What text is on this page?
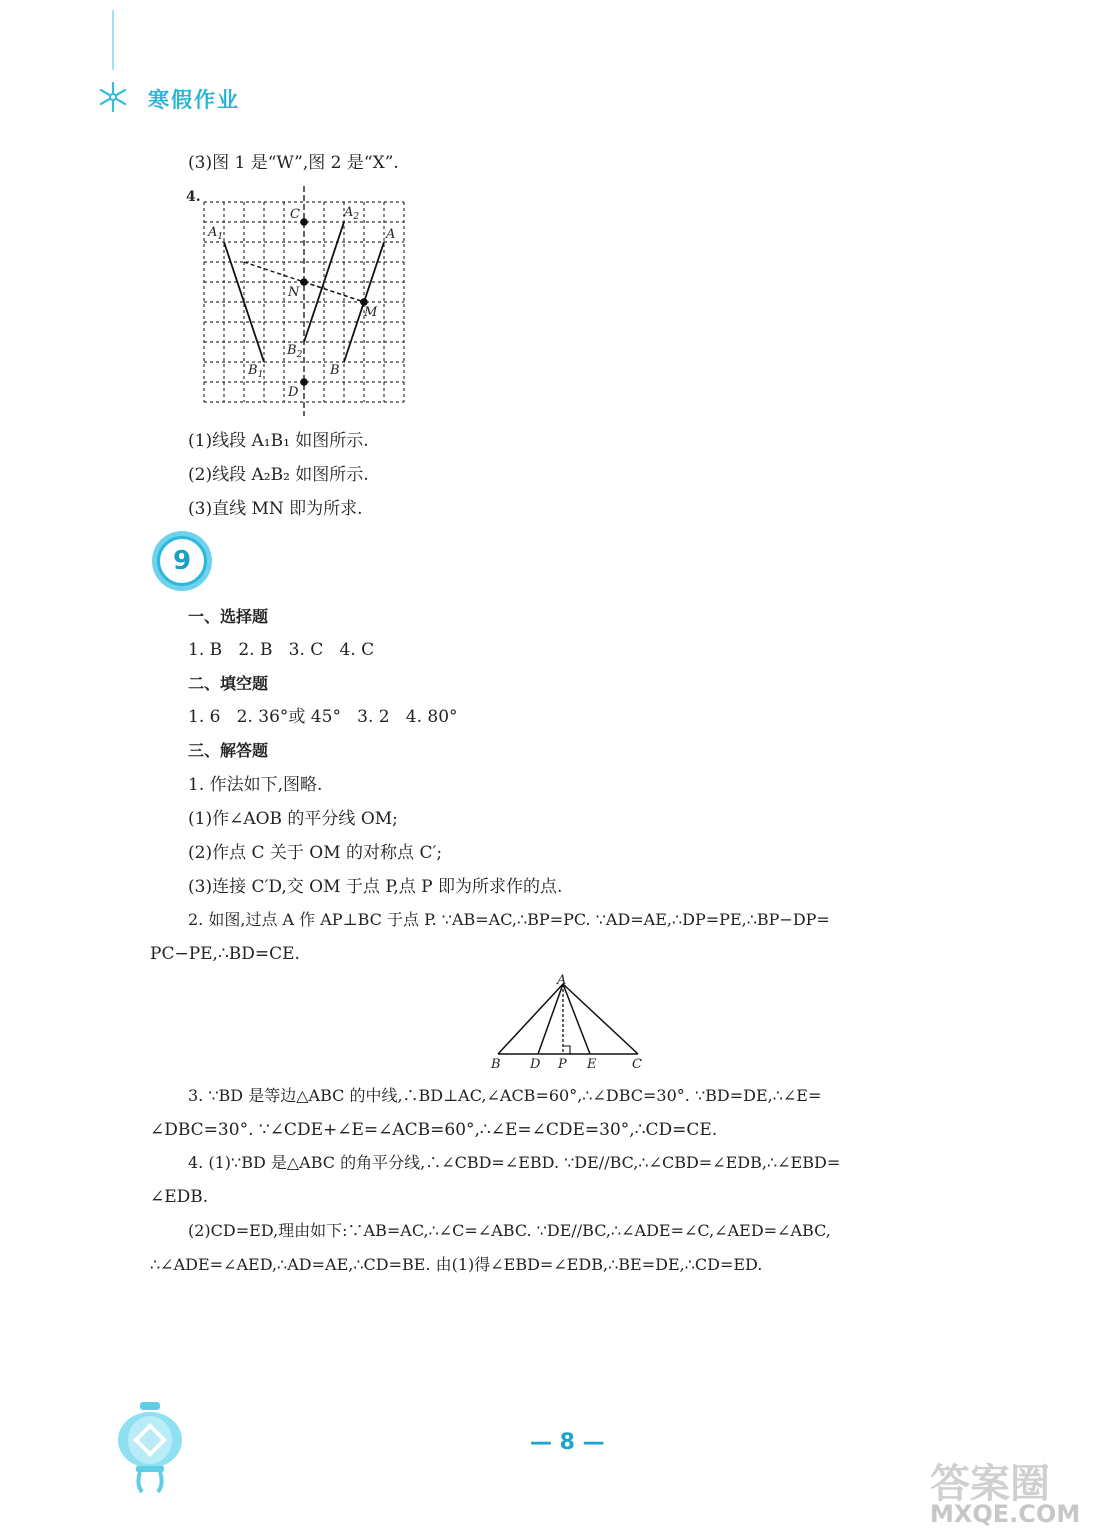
寒假作业
(3)图 1 是“W”,图 2 是“X”.
4.
C	$A_2$
$A_1$	A
N
M
$B_2$
$B_1$	B
D
(1)线段 A₁B₁ 如图所示.
(2)线段 A₂B₂ 如图所示.
(3)直线 MN 即为所求.
9
一、选择题
1. B   2. B   3. C   4. C
二、填空题
1. 6   2. 36°或 45°   3. 2   4. 80°
三、解答题
1. 作法如下,图略.
(1)作∠AOB 的平分线 OM;
(2)作点 C 关于 OM 的对称点 C′;
(3)连接 C′D,交 OM 于点 P,点 P 即为所求作的点.
2. 如图,过点 A 作 AP⊥BC 于点 P. ∵AB=AC,∴BP=PC. ∵AD=AE,∴DP=PE,∴BP−DP=
PC−PE,∴BD=CE.
A
B D P E	C
3. ∵BD 是等边△ABC 的中线,∴BD⊥AC,∠ACB=60°,∴∠DBC=30°. ∵BD=DE,∴∠E=
∠DBC=30°. ∵∠CDE+∠E=∠ACB=60°,∴∠E=∠CDE=30°,∴CD=CE.
4. (1)∵BD 是△ABC 的角平分线,∴∠CBD=∠EBD. ∵DE//BC,∴∠CBD=∠EDB,∴∠EBD=
∠EDB.
(2)CD=ED,理由如下:∵AB=AC,∴∠C=∠ABC. ∵DE//BC,∴∠ADE=∠C,∠AED=∠ABC,
∴∠ADE=∠AED,∴AD=AE,∴CD=BE. 由(1)得∠EBD=∠EDB,∴BE=DE,∴CD=ED.
— 8 —
答案圈
MXQE.COM
